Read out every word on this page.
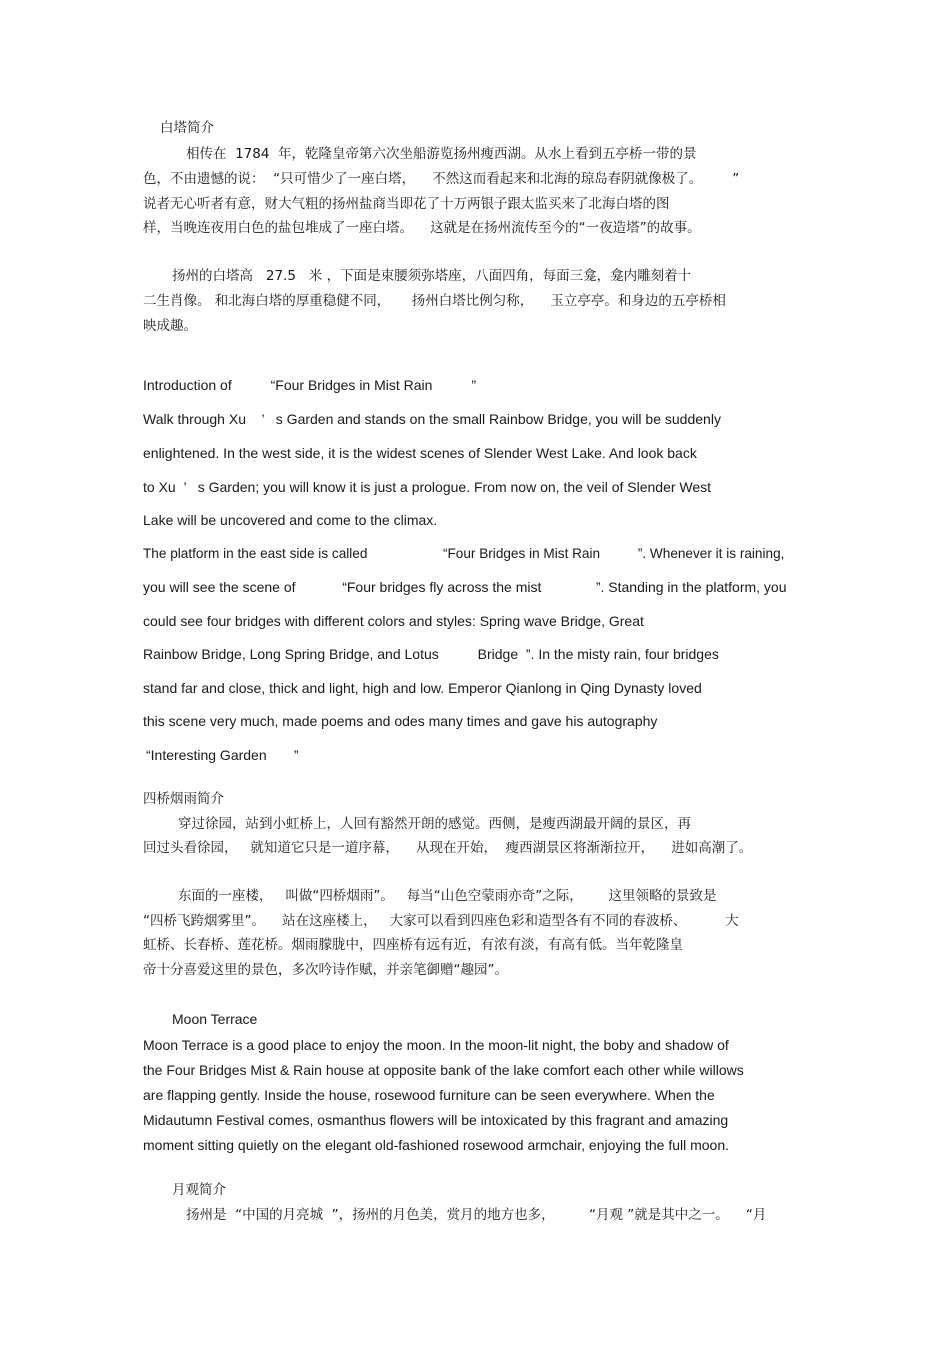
白塔简介
相传在  1784  年，乾隆皇帝第六次坐船游览扬州瘦西湖。从水上看到五亭桥一带的景
色，不由遗憾的说：  “只可惜少了一座白塔，    不然这而看起来和北海的琼岛春阴就像极了。       ”
说者无心听者有意，财大气粗的扬州盐商当即花了十万两银子跟太监买来了北海白塔的图
样，当晚连夜用白色的盐包堆成了一座白塔。    这就是在扬州流传至今的“一夜造塔”的故事。
扬州的白塔高   27.5   米 ，下面是束腰须弥塔座，八面四角，每面三龛，龛内雕刻着十
二生肖像。 和北海白塔的厚重稳健不同，     扬州白塔比例匀称，    玉立亭亭。和身边的五亭桥相
映成趣。
Introduction of          “Four Bridges in Mist Rain          ”
Walk through Xu    ’   s Garden and stands on the small Rainbow Bridge, you will be suddenly
enlightened. In the west side, it is the widest scenes of Slender West Lake. And look back
to Xu  ’   s Garden; you will know it is just a prologue. From now on, the veil of Slender West
Lake will be uncovered and come to the climax.
The platform in the east side is called                    “Four Bridges in Mist Rain          ”. Whenever it is raining,
you will see the scene of            “Four bridges fly across the mist              ”. Standing in the platform, you
could see four bridges with different colors and styles: Spring wave Bridge, Great
Rainbow Bridge, Long Spring Bridge, and Lotus          Bridge  ”. In the misty rain, four bridges
stand far and close, thick and light, high and low. Emperor Qianlong in Qing Dynasty loved
this scene very much, made poems and odes many times and gave his autography
“Interesting Garden       ”
四桥烟雨简介
穿过徐园，站到小虹桥上，人回有豁然开朗的感觉。西侧，是瘦西湖最开阔的景区，再
回过头看徐园，   就知道它只是一道序幕，    从现在开始，  瘦西湖景区将渐渐拉开，    进如高潮了。
东面的一座楼，   叫做“四桥烟雨”。   每当“山色空蒙雨亦奇”之际，      这里领略的景致是
“四桥飞跨烟雾里”。    站在这座楼上，   大家可以看到四座色彩和造型各有不同的春波桥、         大
虹桥、长春桥、莲花桥。烟雨朦胧中，四座桥有远有近，有浓有淡，有高有低。当年乾隆皇
帝十分喜爱这里的景色，多次吟诗作赋，并亲笔御赠“趣园”。
Moon Terrace
Moon Terrace is a good place to enjoy the moon. In the moon-lit night, the boby and shadow of
the Four Bridges Mist & Rain house at opposite bank of the lake comfort each other while willows
are flapping gently. Inside the house, rosewood furniture can be seen everywhere. When the
Midautumn Festival comes, osmanthus flowers will be intoxicated by this fragrant and amazing
moment sitting quietly on the elegant old-fashioned rosewood armchair, enjoying the full moon.
月观简介
扬州是  “中国的月亮城  ”，扬州的月色美，赏月的地方也多，        “月观 ”就是其中之一。    “月
